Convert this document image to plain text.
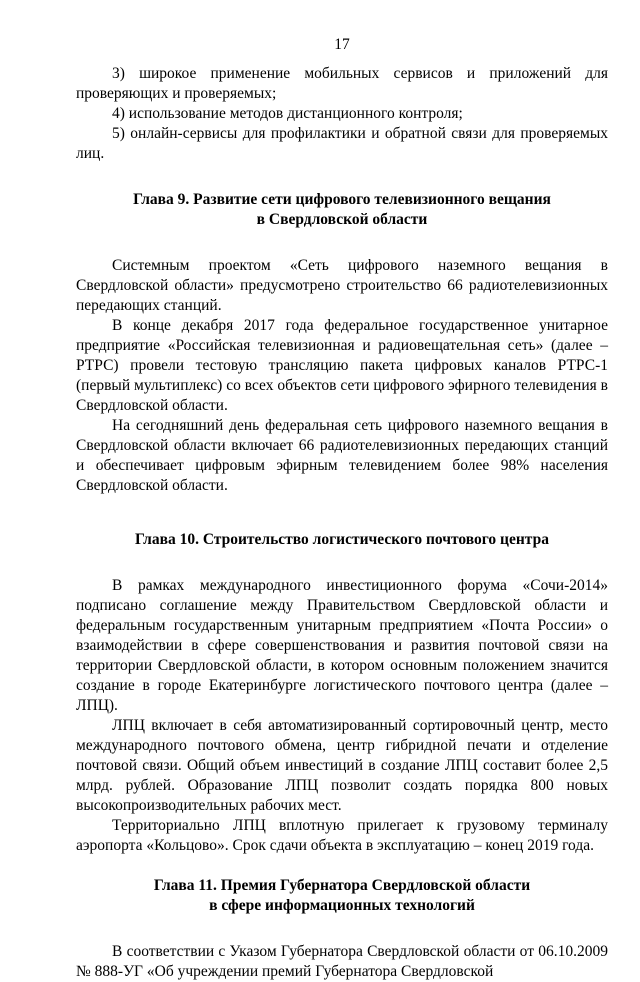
17

3) широкое применение мобильных сервисов и приложений для проверяющих и проверяемых;

4) использование методов дистанционного контроля;

5) онлайн-сервисы для профилактики и обратной связи для проверяемых лиц.

Глава 9. Развитие сети цифрового телевизионного вещания
в Свердловской области

Системным проектом «Сеть цифрового наземного вещания в Свердловской области» предусмотрено строительство 66 радиотелевизионных передающих станций.

В конце декабря 2017 года федеральное государственное унитарное предприятие «Российская телевизионная и радиовещательная сеть» (далее – РТРС) провели тестовую трансляцию пакета цифровых каналов РТРС-1 (первый мультиплекс) со всех объектов сети цифрового эфирного телевидения в Свердловской области.

На сегодняшний день федеральная сеть цифрового наземного вещания в Свердловской области включает 66 радиотелевизионных передающих станций и обеспечивает цифровым эфирным телевидением более 98% населения Свердловской области.

Глава 10. Строительство логистического почтового центра

В рамках международного инвестиционного форума «Сочи-2014» подписано соглашение между Правительством Свердловской области и федеральным государственным унитарным предприятием «Почта России» о взаимодействии в сфере совершенствования и развития почтовой связи на территории Свердловской области, в котором основным положением значится создание в городе Екатеринбурге логистического почтового центра (далее – ЛПЦ).

ЛПЦ включает в себя автоматизированный сортировочный центр, место международного почтового обмена, центр гибридной печати и отделение почтовой связи. Общий объем инвестиций в создание ЛПЦ составит более 2,5 млрд. рублей. Образование ЛПЦ позволит создать порядка 800 новых высокопроизводительных рабочих мест.

Территориально ЛПЦ вплотную прилегает к грузовому терминалу аэропорта «Кольцово». Срок сдачи объекта в эксплуатацию – конец 2019 года.

Глава 11. Премия Губернатора Свердловской области
в сфере информационных технологий

В соответствии с Указом Губернатора Свердловской области от 06.10.2009 № 888-УГ «Об учреждении премий Губернатора Свердловской
